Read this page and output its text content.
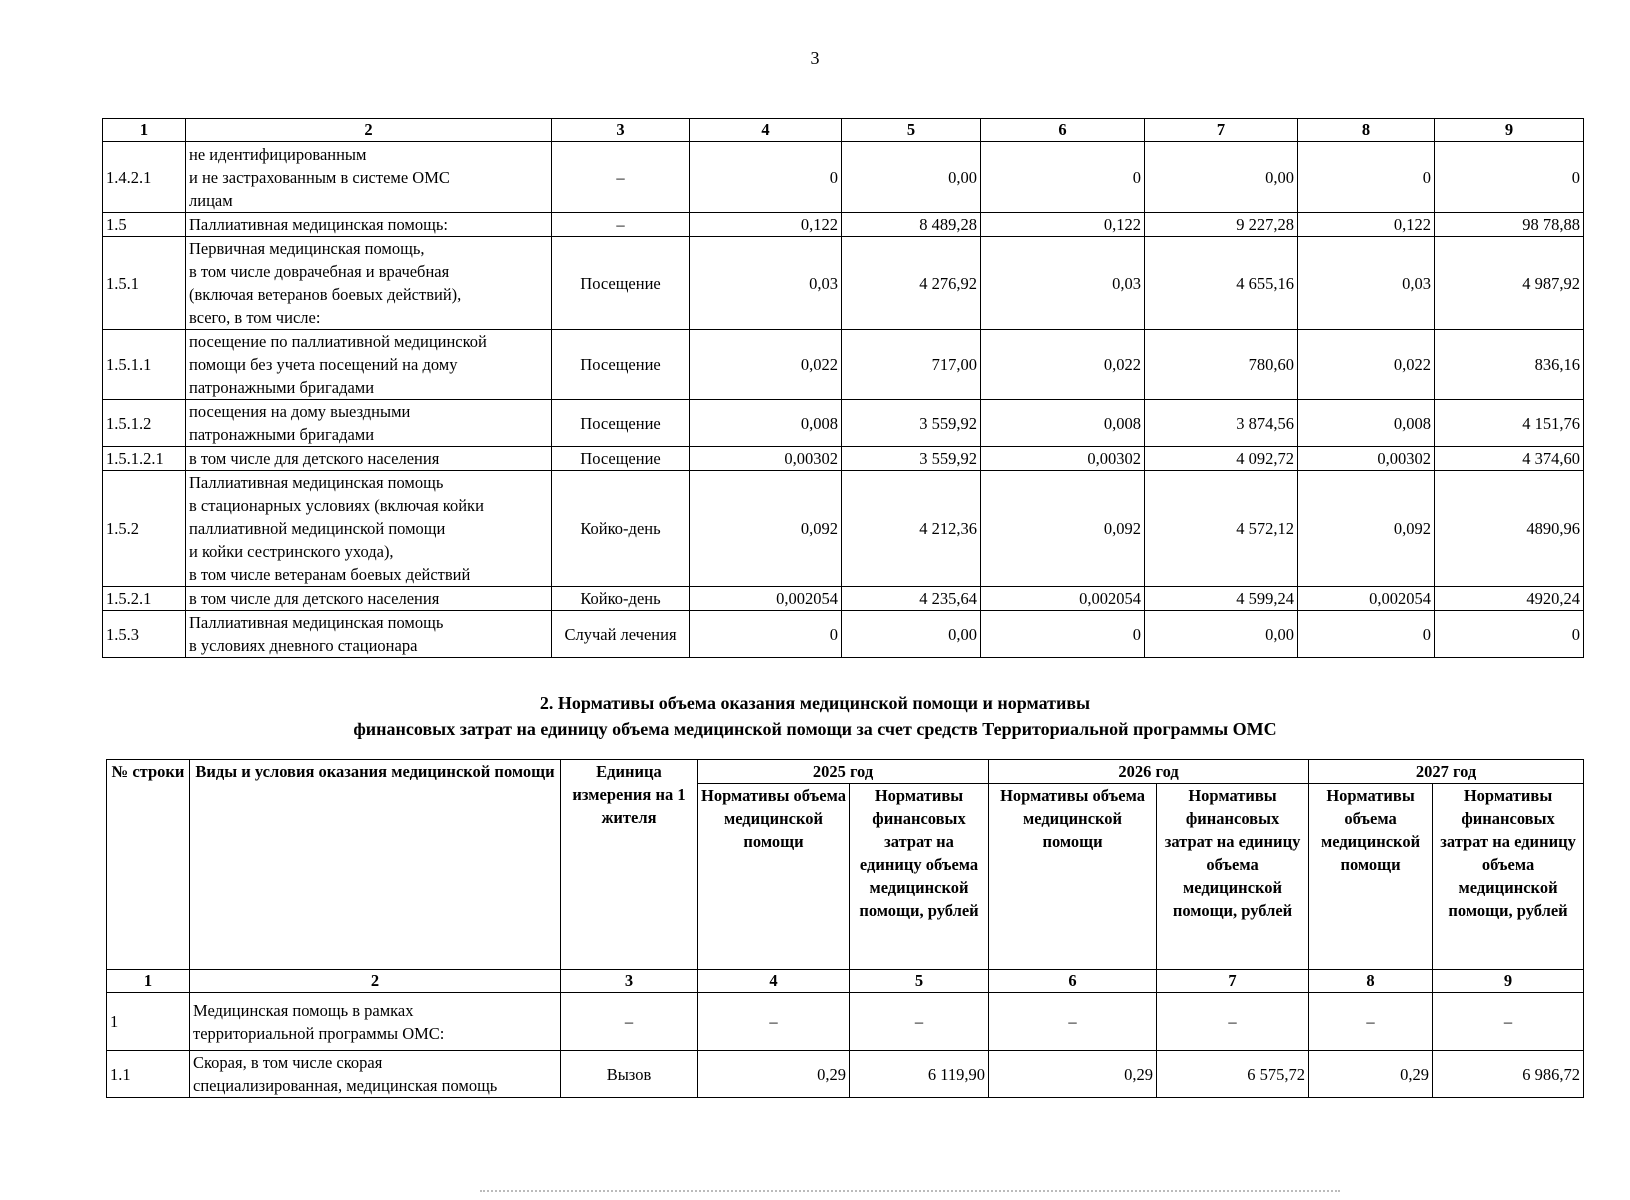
3
1	2	3	4	5	6	7	8	9
1.4.2.1	не идентифицированным
и не застрахованным в системе ОМС
лицам	–	0	0,00	0	0,00	0	0
1.5	Паллиативная медицинская помощь:	–	0,122	8 489,28	0,122	9 227,28	0,122	98 78,88
1.5.1	Первичная медицинская помощь,
в том числе доврачебная и врачебная
(включая ветеранов боевых действий),
всего, в том числе:	Посещение	0,03	4 276,92	0,03	4 655,16	0,03	4 987,92
1.5.1.1	посещение по паллиативной медицинской
помощи без учета посещений на дому
патронажными бригадами	Посещение	0,022	717,00	0,022	780,60	0,022	836,16
1.5.1.2	посещения на дому выездными
патронажными бригадами	Посещение	0,008	3 559,92	0,008	3 874,56	0,008	4 151,76
1.5.1.2.1	в том числе для детского населения	Посещение	0,00302	3 559,92	0,00302	4 092,72	0,00302	4 374,60
1.5.2	Паллиативная медицинская помощь
в стационарных условиях (включая койки
паллиативной медицинской помощи
и койки сестринского ухода),
в том числе ветеранам боевых действий	Койко-день	0,092	4 212,36	0,092	4 572,12	0,092	4890,96
1.5.2.1	в том числе для детского населения	Койко-день	0,002054	4 235,64	0,002054	4 599,24	0,002054	4920,24
1.5.3	Паллиативная медицинская помощь
в условиях дневного стационара	Случай лечения	0	0,00	0	0,00	0	0
2. Нормативы объема оказания медицинской помощи и нормативы
финансовых затрат на единицу объема медицинской помощи за счет средств Территориальной программы ОМС
№ строки	Виды и условия оказания медицинской помощи	Единица измерения на 1 жителя	2025 год		2026 год		2027 год	
			Нормативы объема медицинской помощи	Нормативы финансовых затрат на единицу объема медицинской помощи, рублей	Нормативы объема медицинской помощи	Нормативы финансовых затрат на единицу объема медицинской помощи, рублей	Нормативы объема медицинской помощи	Нормативы финансовых затрат на единицу объема медицинской помощи, рублей
1	2	3	4	5	6	7	8	9
1	Медицинская помощь в рамках
территориальной программы ОМС:	–	–	–	–	–	–	–
1.1	Скорая, в том числе скорая
специализированная, медицинская помощь	Вызов	0,29	6 119,90	0,29	6 575,72	0,29	6 986,72
